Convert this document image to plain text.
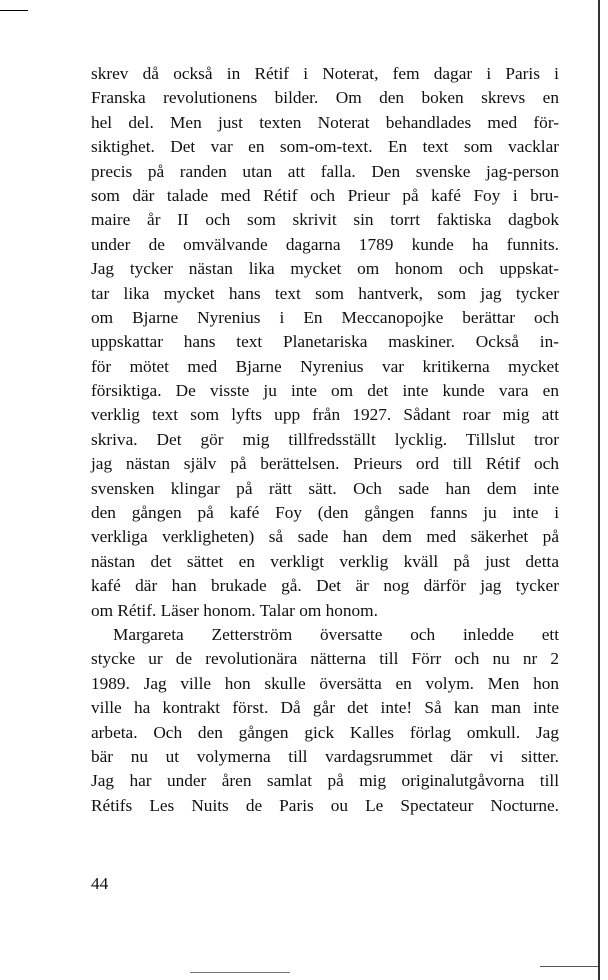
skrev då också in Rétif i Noterat, fem dagar i Paris i
Franska revolutionens bilder. Om den boken skrevs en
hel del. Men just texten Noterat behandlades med för-
siktighet. Det var en som-om-text. En text som vacklar
precis på randen utan att falla. Den svenske jag-person
som där talade med Rétif och Prieur på kafé Foy i bru-
maire år II och som skrivit sin torrt faktiska dagbok
under de omvälvande dagarna 1789 kunde ha funnits.
Jag tycker nästan lika mycket om honom och uppskat-
tar lika mycket hans text som hantverk, som jag tycker
om Bjarne Nyrenius i En Meccanopojke berättar och
uppskattar hans text Planetariska maskiner. Också in-
för mötet med Bjarne Nyrenius var kritikerna mycket
försiktiga. De visste ju inte om det inte kunde vara en
verklig text som lyfts upp från 1927. Sådant roar mig att
skriva. Det gör mig tillfredsställt lycklig. Tillslut tror
jag nästan själv på berättelsen. Prieurs ord till Rétif och
svensken klingar på rätt sätt. Och sade han dem inte
den gången på kafé Foy (den gången fanns ju inte i
verkliga verkligheten) så sade han dem med säkerhet på
nästan det sättet en verkligt verklig kväll på just detta
kafé där han brukade gå. Det är nog därför jag tycker
om Rétif. Läser honom. Talar om honom.
Margareta Zetterström översatte och inledde ett
stycke ur de revolutionära nätterna till Förr och nu nr 2
1989. Jag ville hon skulle översätta en volym. Men hon
ville ha kontrakt först. Då går det inte! Så kan man inte
arbeta. Och den gången gick Kalles förlag omkull. Jag
bär nu ut volymerna till vardagsrummet där vi sitter.
Jag har under åren samlat på mig originalutgåvorna till
Rétifs Les Nuits de Paris ou Le Spectateur Nocturne.
44
